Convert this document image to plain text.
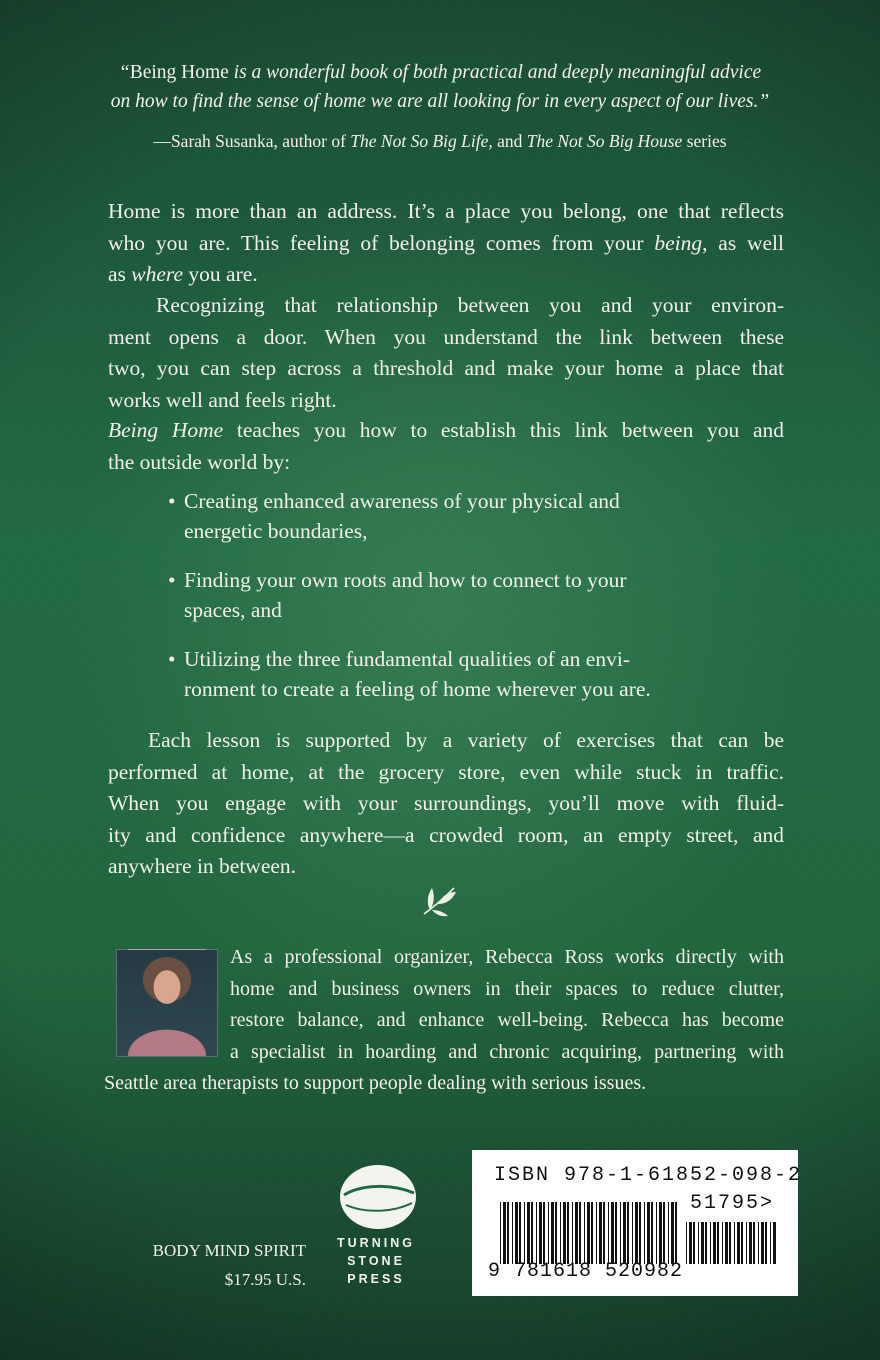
“Being Home is a wonderful book of both practical and deeply meaningful advice
on how to find the sense of home we are all looking for in every aspect of our lives.”
—Sarah Susanka, author of The Not So Big Life, and The Not So Big House series
Home is more than an address. It’s a place you belong, one that reflects
who you are. This feeling of belonging comes from your being, as well
as where you are.
Recognizing that relationship between you and your environ-
ment opens a door. When you understand the link between these
two, you can step across a threshold and make your home a place that
works well and feels right.
Being Home teaches you how to establish this link between you and
the outside world by:
• Creating enhanced awareness of your physical and
energetic boundaries,
• Finding your own roots and how to connect to your
spaces, and
• Utilizing the three fundamental qualities of an envi-
ronment to create a feeling of home wherever you are.
Each lesson is supported by a variety of exercises that can be
performed at home, at the grocery store, even while stuck in traffic.
When you engage with your surroundings, you’ll move with fluid-
ity and confidence anywhere—a crowded room, an empty street, and
anywhere in between.
As a professional organizer, Rebecca Ross works directly with
home and business owners in their spaces to reduce clutter,
restore balance, and enhance well-being. Rebecca has become
a specialist in hoarding and chronic acquiring, partnering with
Seattle area therapists to support people dealing with serious issues.
BODY MIND SPIRIT
$17.95 U.S.
TURNING
STONE
PRESS
ISBN 978-1-61852-098-2
51795>
9 781618 520982
